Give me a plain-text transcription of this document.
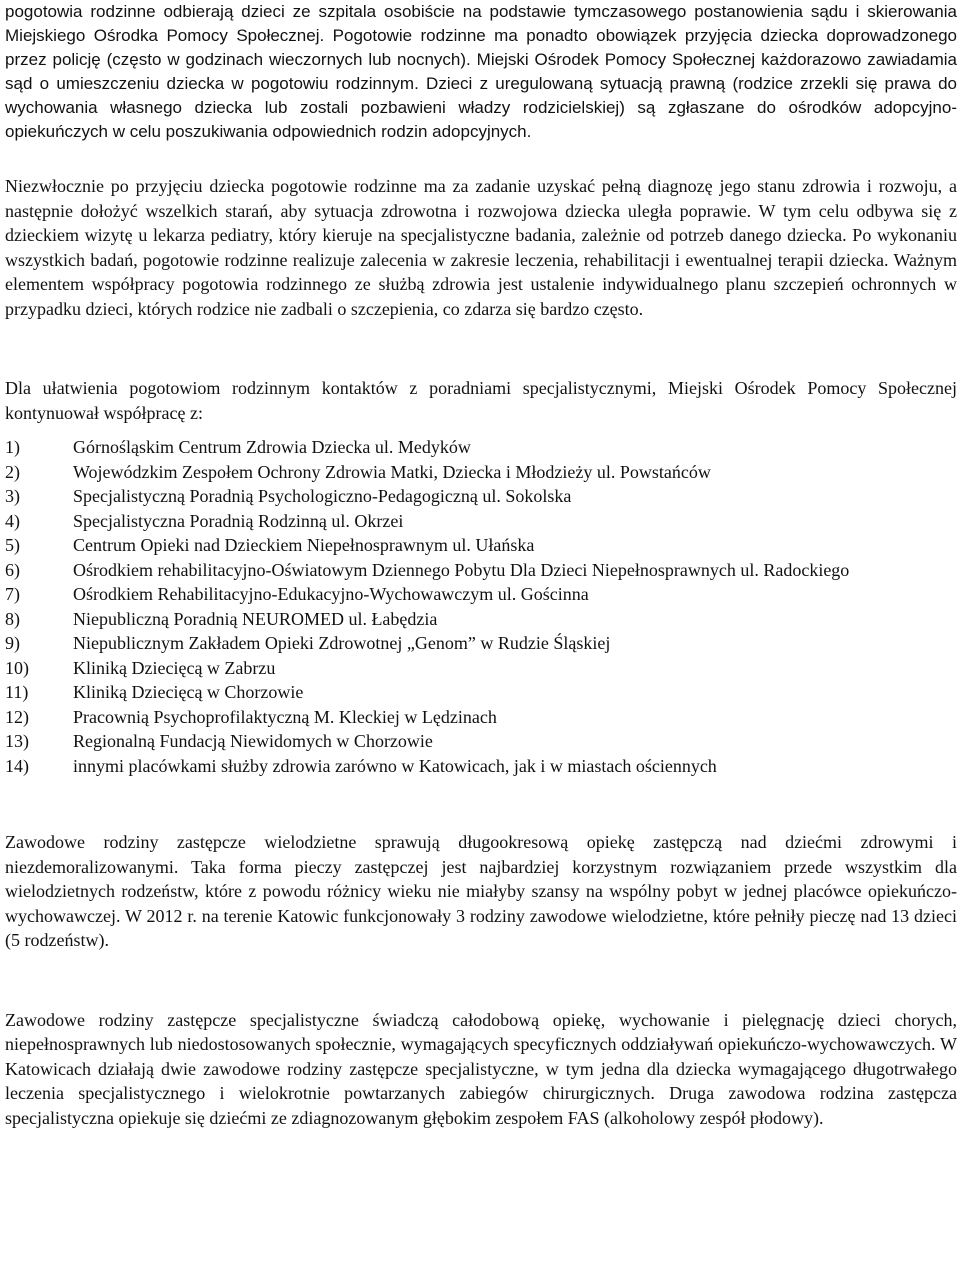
pogotowia rodzinne odbierają dzieci ze szpitala osobiście na podstawie tymczasowego postanowienia sądu i skierowania Miejskiego Ośrodka Pomocy Społecznej. Pogotowie rodzinne ma ponadto obowiązek przyjęcia dziecka doprowadzonego przez policję (często w godzinach wieczornych lub nocnych). Miejski Ośrodek Pomocy Społecznej każdorazowo zawiadamia sąd o umieszczeniu dziecka w pogotowiu rodzinnym. Dzieci z uregulowaną sytuacją prawną (rodzice zrzekli się prawa do wychowania własnego dziecka lub zostali pozbawieni władzy rodzicielskiej) są zgłaszane do ośrodków adopcyjno-opiekuńczych w celu poszukiwania odpowiednich rodzin adopcyjnych.

Niezwłocznie po przyjęciu dziecka pogotowie rodzinne ma za zadanie uzyskać pełną diagnozę jego stanu zdrowia i rozwoju, a następnie dołożyć wszelkich starań, aby sytuacja zdrowotna i rozwojowa dziecka uległa poprawie. W tym celu odbywa się z dzieckiem wizytę u lekarza pediatry, który kieruje na specjalistyczne badania, zależnie od potrzeb danego dziecka. Po wykonaniu wszystkich badań, pogotowie rodzinne realizuje zalecenia w zakresie leczenia, rehabilitacji i ewentualnej terapii dziecka. Ważnym elementem współpracy pogotowia rodzinnego ze służbą zdrowia jest ustalenie indywidualnego planu szczepień ochronnych w przypadku dzieci, których rodzice nie zadbali o szczepienia, co zdarza się bardzo często.

Dla ułatwienia pogotowiom rodzinnym kontaktów z poradniami specjalistycznymi, Miejski Ośrodek Pomocy Społecznej kontynuował współpracę z:

1)	Górnośląskim Centrum Zdrowia Dziecka ul. Medyków
2)	Wojewódzkim Zespołem Ochrony Zdrowia Matki, Dziecka i Młodzieży ul. Powstańców
3)	Specjalistyczną Poradnią Psychologiczno-Pedagogiczną ul. Sokolska
4)	Specjalistyczna Poradnią Rodzinną ul. Okrzei
5)	Centrum Opieki nad Dzieckiem Niepełnosprawnym ul. Ułańska
6)	Ośrodkiem rehabilitacyjno-Oświatowym Dziennego Pobytu Dla Dzieci Niepełnosprawnych ul. Radockiego
7)	Ośrodkiem Rehabilitacyjno-Edukacyjno-Wychowawczym ul. Gościnna
8)	Niepubliczną Poradnią NEUROMED ul. Łabędzia
9)	Niepublicznym Zakładem Opieki Zdrowotnej „Genom” w Rudzie Śląskiej
10) Kliniką Dziecięcą w Zabrzu
11) Kliniką Dziecięcą w Chorzowie
12) Pracownią Psychoprofilaktyczną M. Kleckiej w Lędzinach
13) Regionalną Fundacją Niewidomych w Chorzowie
14) innymi placówkami służby zdrowia zarówno w Katowicach, jak i w miastach ościennych

Zawodowe rodziny zastępcze wielodzietne sprawują długookresową opiekę zastępczą nad dziećmi zdrowymi i niezdemoralizowanymi. Taka forma pieczy zastępczej jest najbardziej korzystnym rozwiązaniem przede wszystkim dla wielodzietnych rodzeństw, które z powodu różnicy wieku nie miałyby szansy na wspólny pobyt w jednej placówce opiekuńczo-wychowawczej. W 2012 r. na terenie Katowic funkcjonowały 3 rodziny zawodowe wielodzietne, które pełniły pieczę nad 13 dzieci (5 rodzeństw).

Zawodowe rodziny zastępcze specjalistyczne świadczą całodobową opiekę, wychowanie i pielęgnację dzieci chorych, niepełnosprawnych lub niedostosowanych społecznie, wymagających specyficznych oddziaływań opiekuńczo-wychowawczych. W Katowicach działają dwie zawodowe rodziny zastępcze specjalistyczne, w tym jedna dla dziecka wymagającego długotrwałego leczenia specjalistycznego i wielokrotnie powtarzanych zabiegów chirurgicznych. Druga zawodowa rodzina zastępcza specjalistyczna opiekuje się dziećmi ze zdiagnozowanym głębokim zespołem FAS (alkoholowy zespół płodowy).
